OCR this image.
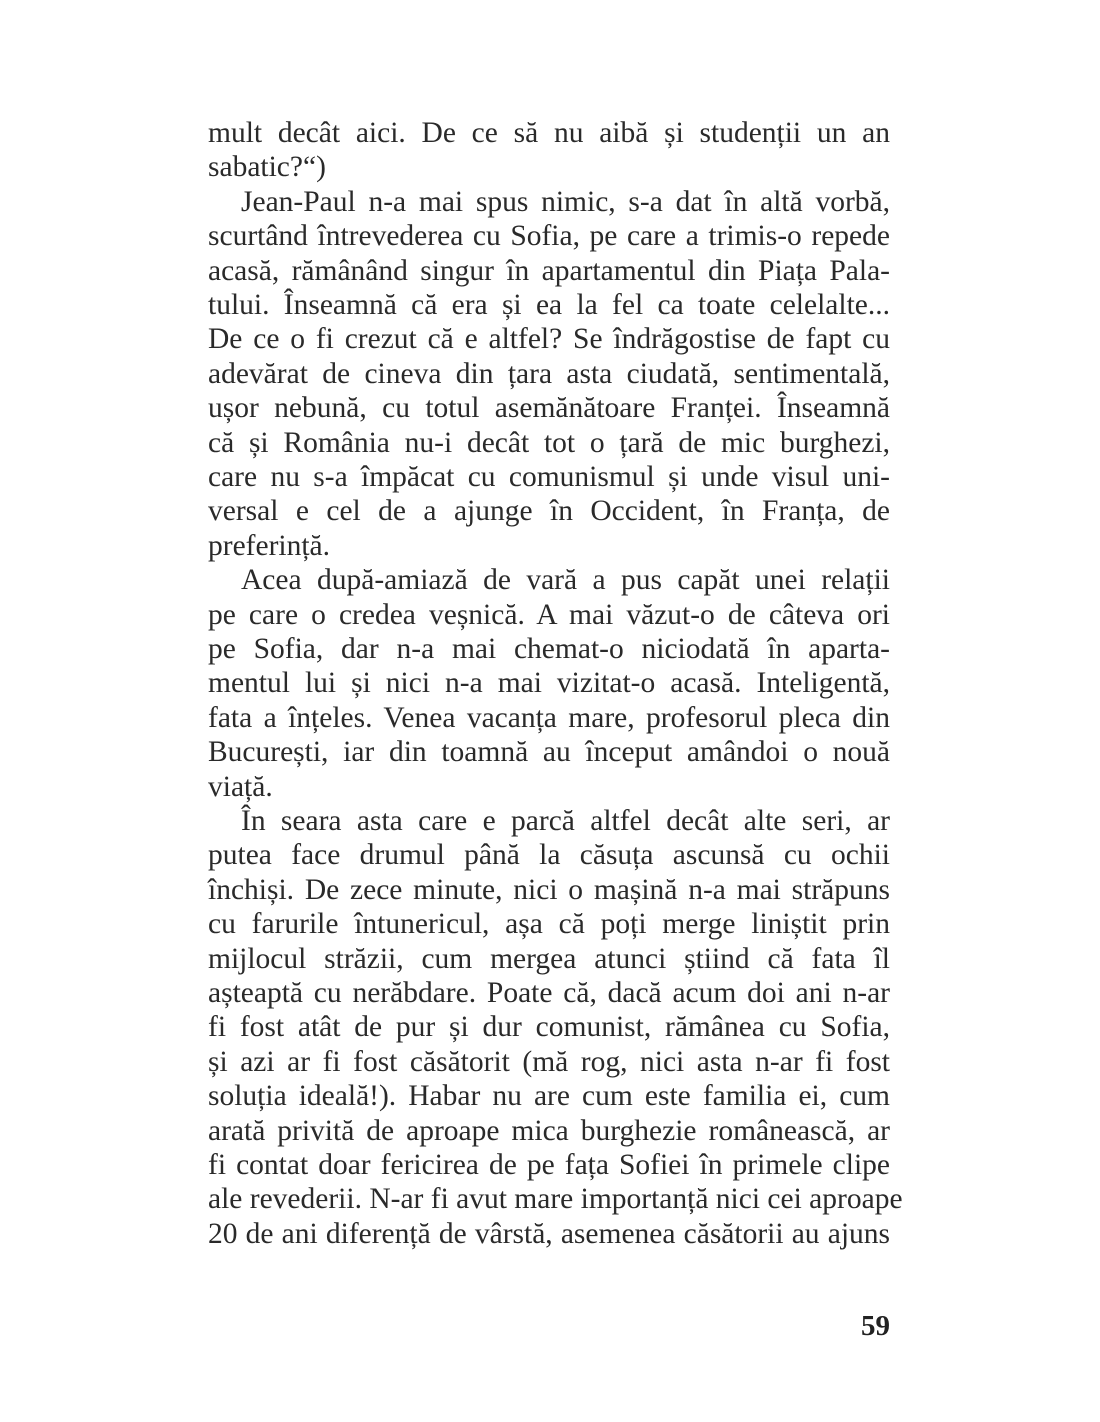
mult decât aici. De ce să nu aibă și studenții un an
sabatic?“)
Jean-Paul n-a mai spus nimic, s-a dat în altă vorbă,
scurtând întrevederea cu Sofia, pe care a trimis-o repede
acasă, rămânând singur în apartamentul din Piața Pala-
tului. Înseamnă că era și ea la fel ca toate celelalte...
De ce o fi crezut că e altfel? Se îndrăgostise de fapt cu
adevărat de cineva din țara asta ciudată, sentimentală,
ușor nebună, cu totul asemănătoare Franței. Înseamnă
că și România nu-i decât tot o țară de mic burghezi,
care nu s-a împăcat cu comunismul și unde visul uni-
versal e cel de a ajunge în Occident, în Franța, de
preferință.
Acea după-amiază de vară a pus capăt unei relații
pe care o credea veșnică. A mai văzut-o de câteva ori
pe Sofia, dar n-a mai chemat-o niciodată în aparta-
mentul lui și nici n-a mai vizitat-o acasă. Inteligentă,
fata a înțeles. Venea vacanța mare, profesorul pleca din
București, iar din toamnă au început amândoi o nouă
viață.
În seara asta care e parcă altfel decât alte seri, ar
putea face drumul până la căsuța ascunsă cu ochii
închiși. De zece minute, nici o mașină n-a mai străpuns
cu farurile întunericul, așa că poți merge liniștit prin
mijlocul străzii, cum mergea atunci știind că fata îl
așteaptă cu nerăbdare. Poate că, dacă acum doi ani n-ar
fi fost atât de pur și dur comunist, rămânea cu Sofia,
și azi ar fi fost căsătorit (mă rog, nici asta n-ar fi fost
soluția ideală!). Habar nu are cum este familia ei, cum
arată privită de aproape mica burghezie românească, ar
fi contat doar fericirea de pe fața Sofiei în primele clipe
ale revederii. N-ar fi avut mare importanță nici cei aproape
20 de ani diferență de vârstă, asemenea căsătorii au ajuns
59
